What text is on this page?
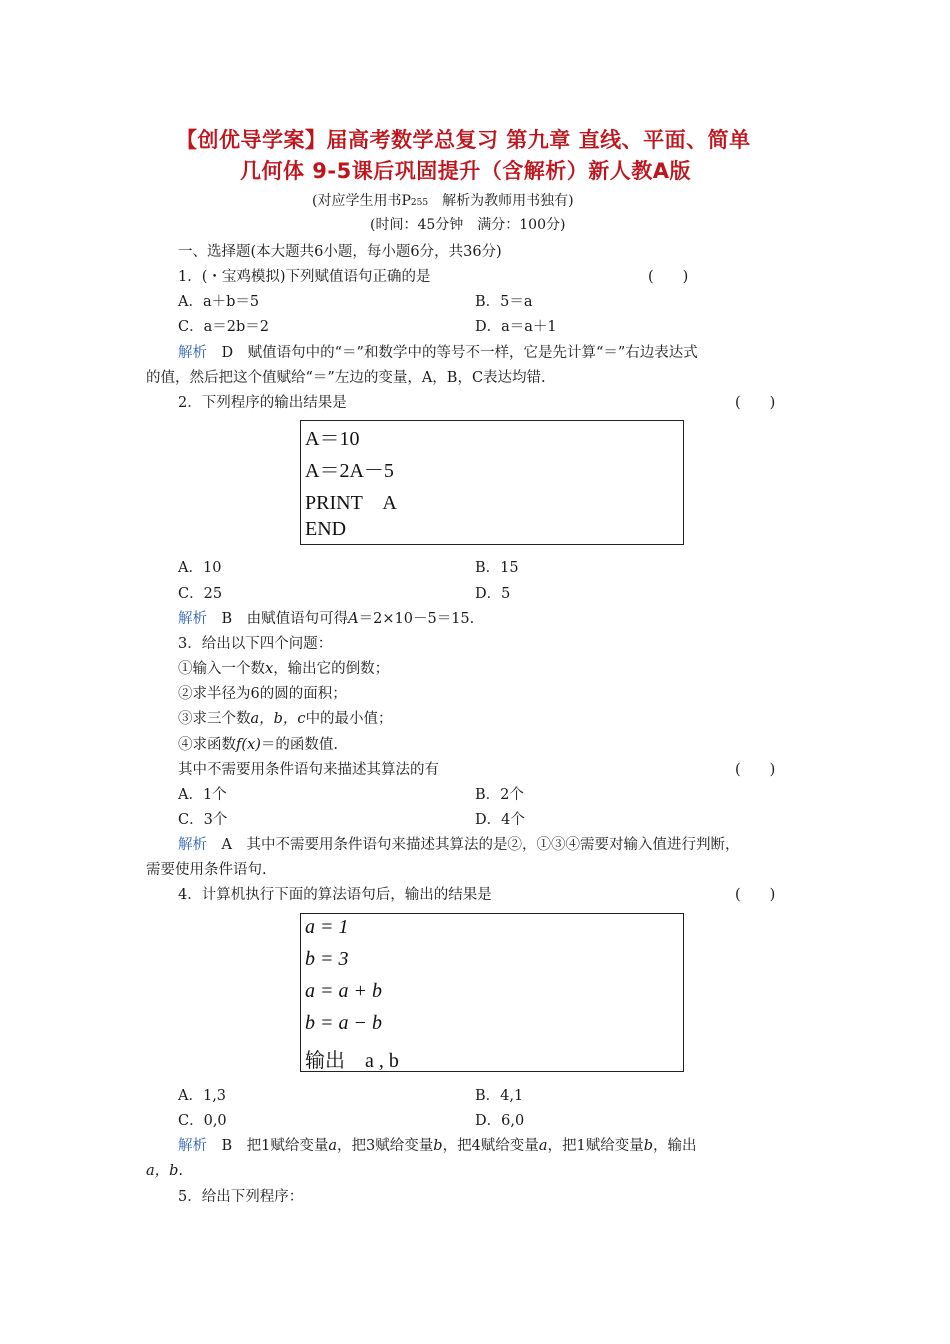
【创优导学案】届高考数学总复习 第九章 直线、平面、简单
几何体 9-5课后巩固提升（含解析）新人教A版
(对应学生用书P255　解析为教师用书独有)
(时间：45分钟　满分：100分)
一、选择题(本大题共6小题，每小题6分，共36分)
1．(・宝鸡模拟)下列赋值语句正确的是	(　　)
A．a＋b＝5	B．5＝a
C．a＝2b＝2	D．a＝a＋1
解析　 D　赋值语句中的“＝”和数学中的等号不一样，它是先计算“＝”右边表达式
的值，然后把这个值赋给“＝”左边的变量，A，B，C表达均错.
2．下列程序的输出结果是	(　　)
A＝10
A＝2A－5
PRINT　A
END
A．10	B．15
C．25	D．5
解析　 B　由赋值语句可得A＝2×10－5＝15.
3．给出以下四个问题：
①输入一个数x，输出它的倒数；
②求半径为6的圆的面积；
③求三个数a，b，c中的最小值；
④求函数f(x)＝的函数值.
其中不需要用条件语句来描述其算法的有	(　　)
A．1个	B．2个
C．3个	D．4个
解析　 A　其中不需要用条件语句来描述其算法的是②，①③④需要对输入值进行判断，
需要使用条件语句.
4．计算机执行下面的算法语句后，输出的结果是	(　　)
a = 1
b = 3
a = a + b
b = a − b
输出　a , b
A．1,3	B．4,1
C．0,0	D．6,0
解析　 B　把1赋给变量a，把3赋给变量b，把4赋给变量a，把1赋给变量b，输出
a，b.
5．给出下列程序：
